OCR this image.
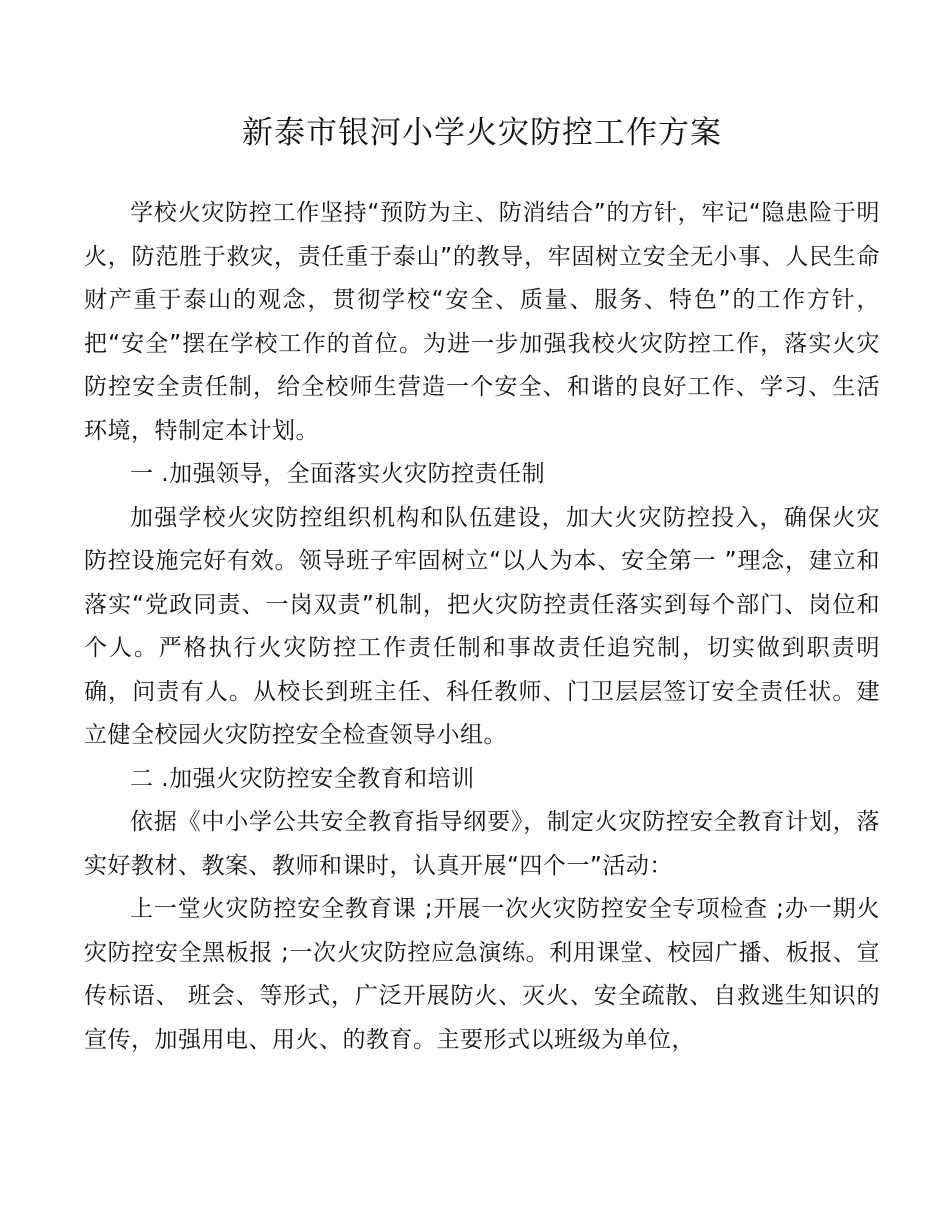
新泰市银河小学火灾防控工作方案

学校火灾防控工作坚持“预防为主、防消结合”的方针，牢记“隐患险于明火，防范胜于救灾，责任重于泰山”的教导，牢固树立安全无小事、人民生命财产重于泰山的观念，贯彻学校“安全、质量、服务、特色”的工作方针，把“安全”摆在学校工作的首位。为进一步加强我校火灾防控工作，落实火灾防控安全责任制，给全校师生营造一个安全、和谐的良好工作、学习、生活环境，特制定本计划。

一 .加强领导，全面落实火灾防控责任制

加强学校火灾防控组织机构和队伍建设，加大火灾防控投入，确保火灾防控设施完好有效。领导班子牢固树立“以人为本、安全第一 ”理念，建立和落实“党政同责、一岗双责”机制，把火灾防控责任落实到每个部门、岗位和个人。严格执行火灾防控工作责任制和事故责任追究制，切实做到职责明确，问责有人。从校长到班主任、科任教师、门卫层层签订安全责任状。建立健全校园火灾防控安全检查领导小组。

二 .加强火灾防控安全教育和培训

依据《中小学公共安全教育指导纲要》，制定火灾防控安全教育计划，落实好教材、教案、教师和课时，认真开展“四个一”活动：

上一堂火灾防控安全教育课 ;开展一次火灾防控安全专项检查 ;办一期火灾防控安全黑板报 ;一次火灾防控应急演练。利用课堂、校园广播、板报、宣传标语、 班会、等形式，广泛开展防火、灭火、安全疏散、自救逃生知识的宣传，加强用电、用火、的教育。主要形式以班级为单位，
